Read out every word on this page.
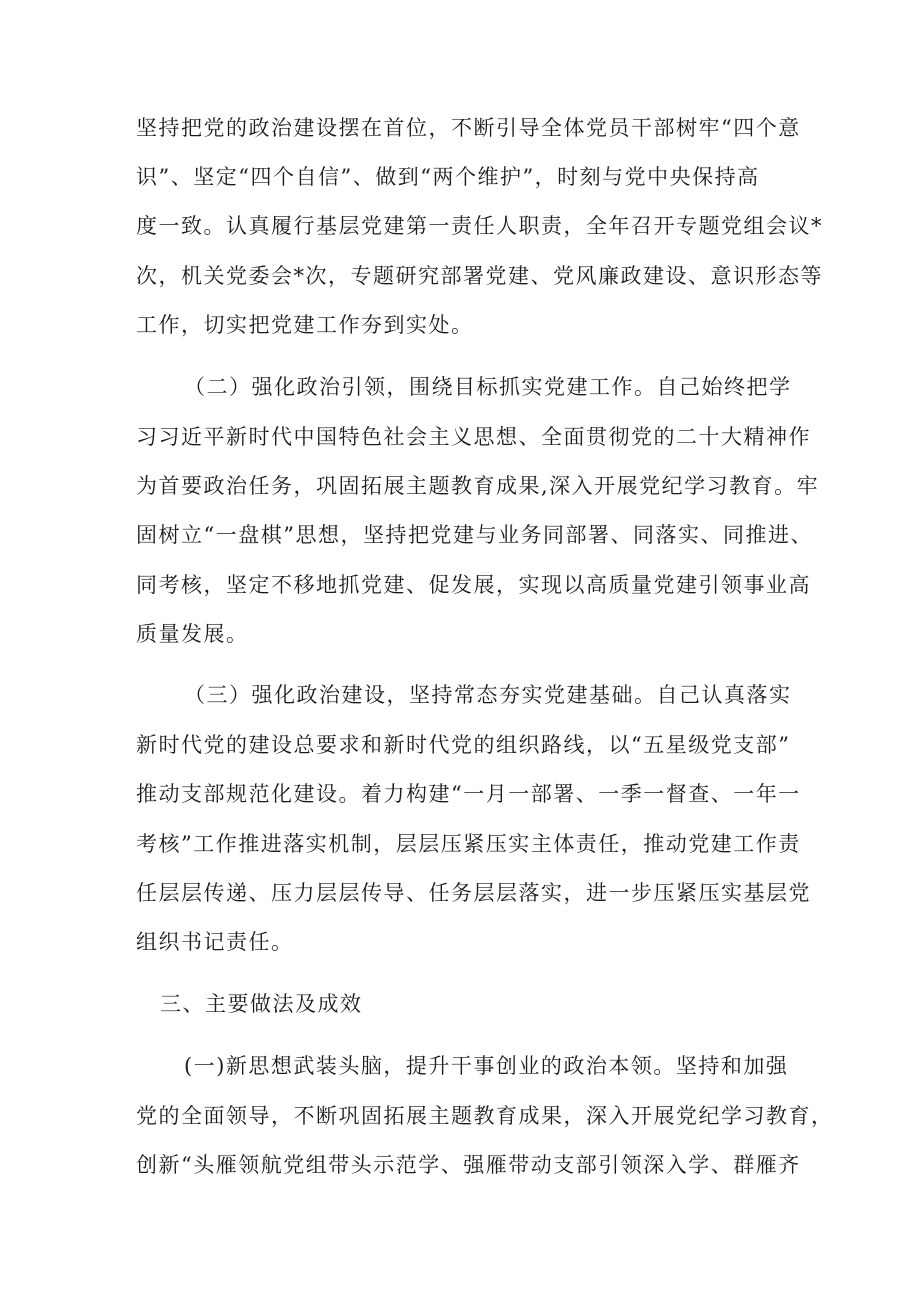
坚持把党的政治建设摆在首位，不断引导全体党员干部树牢“四个意
识”、坚定“四个自信”、做到“两个维护”，时刻与党中央保持高
度一致。认真履行基层党建第一责任人职责，全年召开专题党组会议*
次，机关党委会*次，专题研究部署党建、党风廉政建设、意识形态等
工作，切实把党建工作夯到实处。
（二）强化政治引领，围绕目标抓实党建工作。自己始终把学
习习近平新时代中国特色社会主义思想、全面贯彻党的二十大精神作
为首要政治任务，巩固拓展主题教育成果,深入开展党纪学习教育。牢
固树立“一盘棋”思想，坚持把党建与业务同部署、同落实、同推进、
同考核，坚定不移地抓党建、促发展，实现以高质量党建引领事业高
质量发展。
（三）强化政治建设，坚持常态夯实党建基础。自己认真落实
新时代党的建设总要求和新时代党的组织路线，以“五星级党支部”
推动支部规范化建设。着力构建“一月一部署、一季一督查、一年一
考核”工作推进落实机制，层层压紧压实主体责任，推动党建工作责
任层层传递、压力层层传导、任务层层落实，进一步压紧压实基层党
组织书记责任。
三、主要做法及成效
(一)新思想武装头脑，提升干事创业的政治本领。坚持和加强
党的全面领导，不断巩固拓展主题教育成果，深入开展党纪学习教育，
创新“头雁领航党组带头示范学、强雁带动支部引领深入学、群雁齐
